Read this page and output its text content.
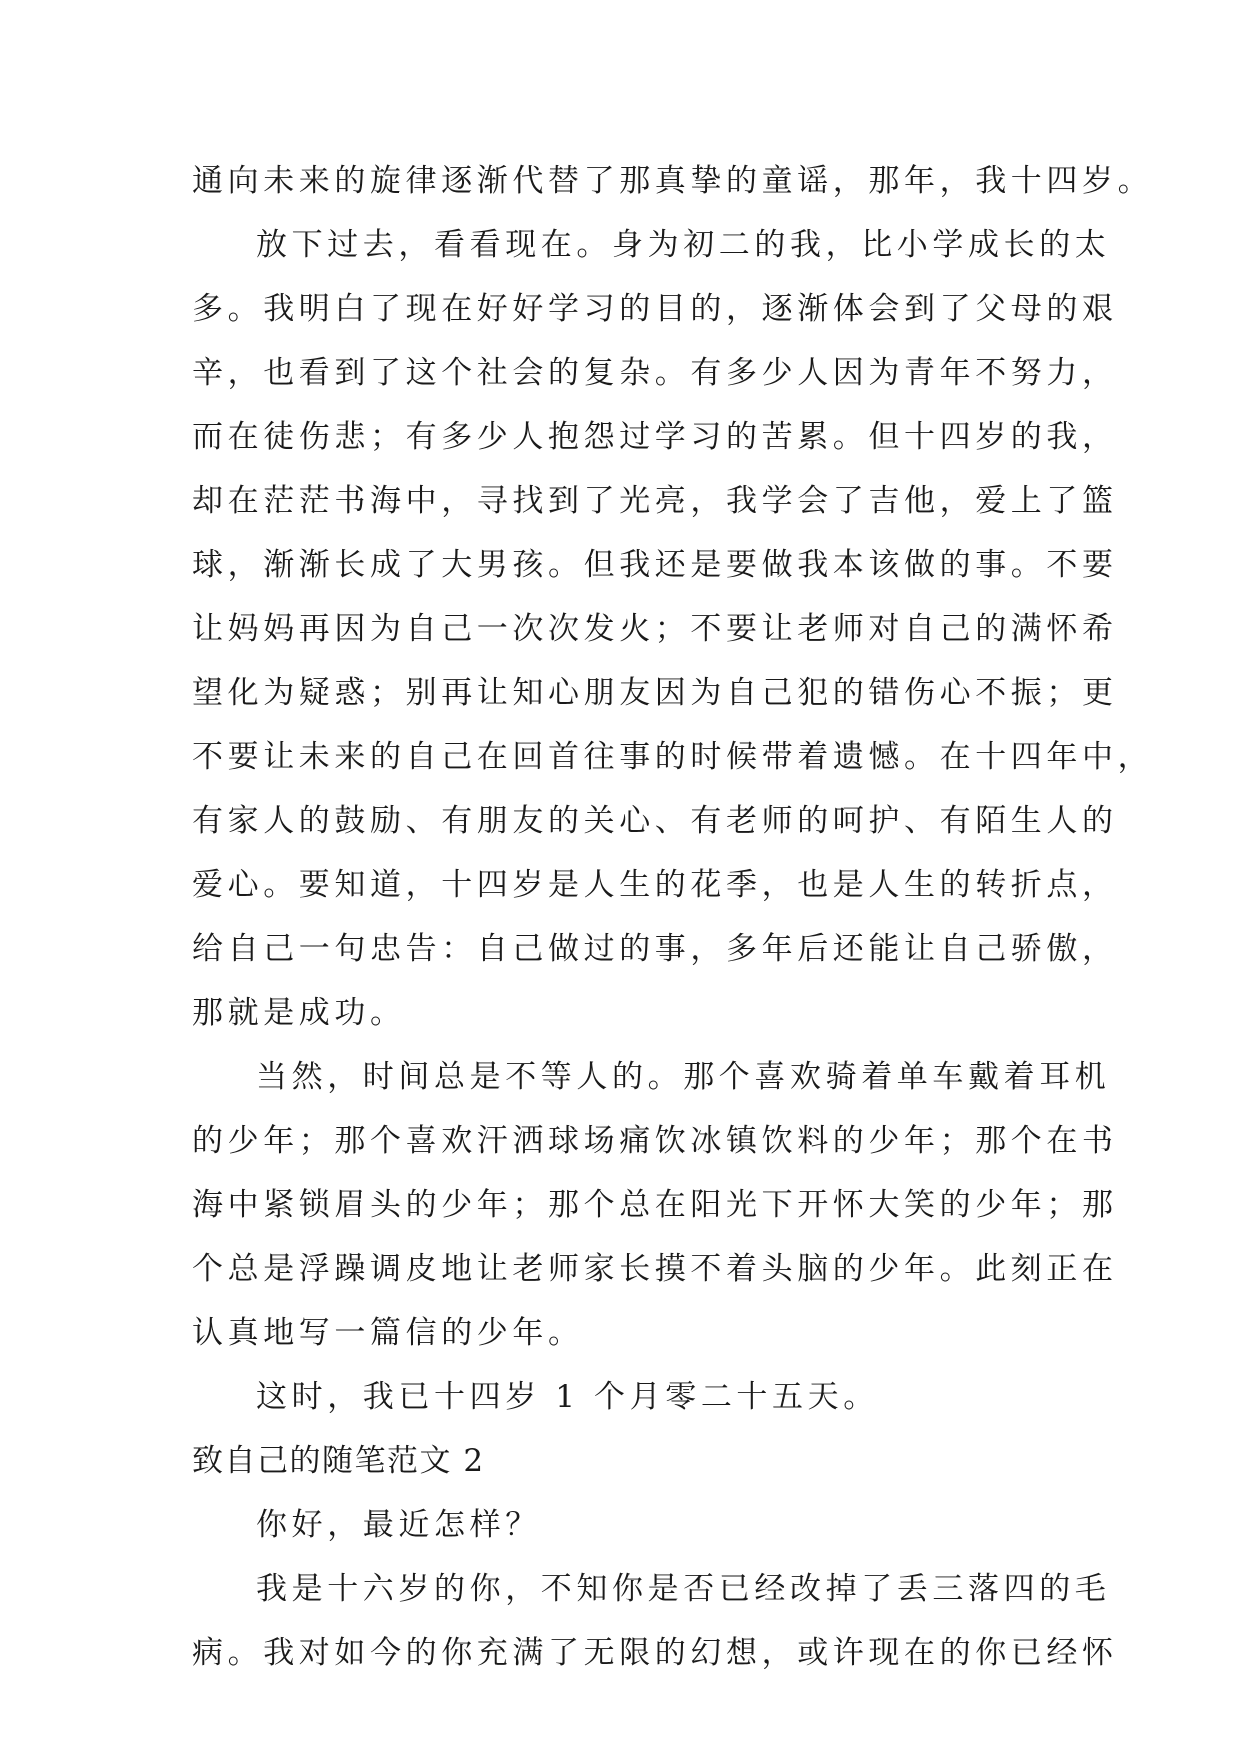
通向未来的旋律逐渐代替了那真挚的童谣，那年，我十四岁。
放下过去，看看现在。身为初二的我，比小学成长的太
多。我明白了现在好好学习的目的，逐渐体会到了父母的艰
辛，也看到了这个社会的复杂。有多少人因为青年不努力，
而在徒伤悲；有多少人抱怨过学习的苦累。但十四岁的我，
却在茫茫书海中，寻找到了光亮，我学会了吉他，爱上了篮
球，渐渐长成了大男孩。但我还是要做我本该做的事。不要
让妈妈再因为自己一次次发火；不要让老师对自己的满怀希
望化为疑惑；别再让知心朋友因为自己犯的错伤心不振；更
不要让未来的自己在回首往事的时候带着遗憾。在十四年中，
有家人的鼓励、有朋友的关心、有老师的呵护、有陌生人的
爱心。要知道，十四岁是人生的花季，也是人生的转折点，
给自己一句忠告：自己做过的事，多年后还能让自己骄傲，
那就是成功。
当然，时间总是不等人的。那个喜欢骑着单车戴着耳机
的少年；那个喜欢汗洒球场痛饮冰镇饮料的少年；那个在书
海中紧锁眉头的少年；那个总在阳光下开怀大笑的少年；那
个总是浮躁调皮地让老师家长摸不着头脑的少年。此刻正在
认真地写一篇信的少年。
这时，我已十四岁 1 个月零二十五天。
致自己的随笔范文 2
你好，最近怎样？
我是十六岁的你，不知你是否已经改掉了丢三落四的毛
病。我对如今的你充满了无限的幻想，或许现在的你已经怀
